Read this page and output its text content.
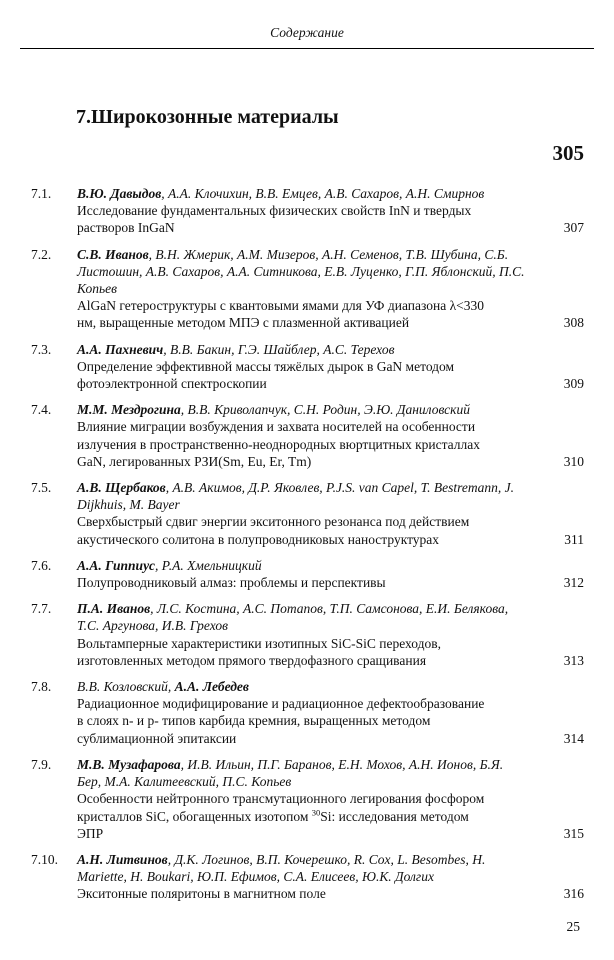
Содержание
7.Широкозонные материалы
305
7.1. В.Ю. Давыдов, А.А. Клочихин, В.В. Емцев, А.В. Сахаров, А.Н. Смирнов
Исследование фундаментальных физических свойств InN и твердых
растворов InGaN	307
7.2. С.В. Иванов, В.Н. Жмерик, А.М. Мизеров, А.Н. Семенов, Т.В. Шубина, С.Б. Листошин, А.В. Сахаров, А.А. Ситникова, Е.В. Луценко, Г.П. Яблонский, П.С. Копьев
AlGaN гетероструктуры с квантовыми ямами для УФ диапазона λ<330
нм, выращенные методом МПЭ с плазменной активацией	308
7.3. А.А. Пахневич, В.В. Бакин, Г.Э. Шайблер, А.С. Терехов
Определение эффективной массы тяжёлых дырок в GaN методом
фотоэлектронной спектроскопии	309
7.4. М.М. Мездрогина, В.В. Криволапчук, С.Н. Родин, Э.Ю. Даниловский
Влияние миграции возбуждения и захвата носителей на особенности
излучения в пространственно-неоднородных вюртцитных кристаллах
GaN, легированных РЗИ(Sm, Eu, Er, Tm)	310
7.5. А.В. Щербаков, А.В. Акимов, Д.Р. Яковлев, P.J.S. van Capel, T. Bestremann, J. Dijkhuis, M. Bayer
Сверхбыстрый сдвиг энергии экситонного резонанса под действием
акустического солитона в полупроводниковых наноструктурах	311
7.6. А.А. Гиппиус, Р.А. Хмельницкий
Полупроводниковый алмаз: проблемы и перспективы	312
7.7. П.А. Иванов, Л.С. Костина, А.С. Потапов, Т.П. Самсонова, Е.И. Белякова, Т.С. Аргунова, И.В. Грехов
Вольтамперные характеристики изотипных SiC-SiC переходов,
изготовленных методом прямого твердофазного сращивания	313
7.8. В.В. Козловский, А.А. Лебедев
Радиационное модифицирование и радиационное дефектообразование
в слоях n- и p- типов карбида кремния, выращенных методом
сублимационной эпитаксии	314
7.9. М.В. Музафарова, И.В. Ильин, П.Г. Баранов, Е.Н. Мохов, А.Н. Ионов, Б.Я. Бер, М.А. Калитеевский, П.С. Копьев
Особенности нейтронного трансмутационного легирования фосфором
кристаллов SiC, обогащенных изотопом $^{30}$Si: исследования методом
ЭПР	315
7.10. А.Н. Литвинов, Д.К. Логинов, В.П. Кочерешко, R. Cox, L. Besombes, H. Mariette, H. Boukari, Ю.П. Ефимов, С.А. Елисеев, Ю.К. Долгих
Экситонные поляритоны в магнитном поле	316
25
